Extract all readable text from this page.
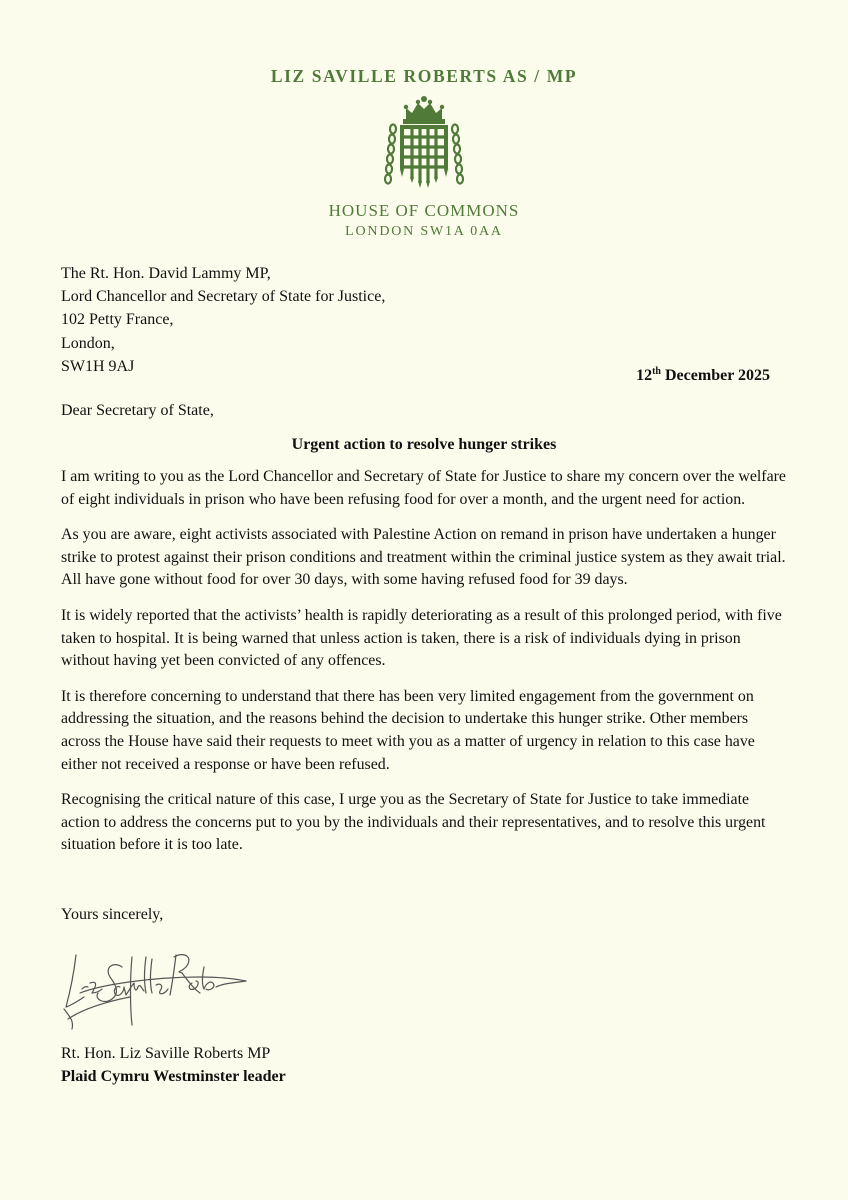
LIZ SAVILLE ROBERTS AS / MP
HOUSE OF COMMONS
LONDON SW1A 0AA
The Rt. Hon. David Lammy MP,
Lord Chancellor and Secretary of State for Justice,
102 Petty France,
London,
SW1H 9AJ
12th December 2025
Dear Secretary of State,
Urgent action to resolve hunger strikes

I am writing to you as the Lord Chancellor and Secretary of State for Justice to share my concern over the welfare of eight individuals in prison who have been refusing food for over a month, and the urgent need for action.

As you are aware, eight activists associated with Palestine Action on remand in prison have undertaken a hunger strike to protest against their prison conditions and treatment within the criminal justice system as they await trial. All have gone without food for over 30 days, with some having refused food for 39 days.

It is widely reported that the activists’ health is rapidly deteriorating as a result of this prolonged period, with five taken to hospital. It is being warned that unless action is taken, there is a risk of individuals dying in prison without having yet been convicted of any offences.

It is therefore concerning to understand that there has been very limited engagement from the government on addressing the situation, and the reasons behind the decision to undertake this hunger strike. Other members across the House have said their requests to meet with you as a matter of urgency in relation to this case have either not received a response or have been refused.

Recognising the critical nature of this case, I urge you as the Secretary of State for Justice to take immediate action to address the concerns put to you by the individuals and their representatives, and to resolve this urgent situation before it is too late.

Yours sincerely,
Rt. Hon. Liz Saville Roberts MP
Plaid Cymru Westminster leader
